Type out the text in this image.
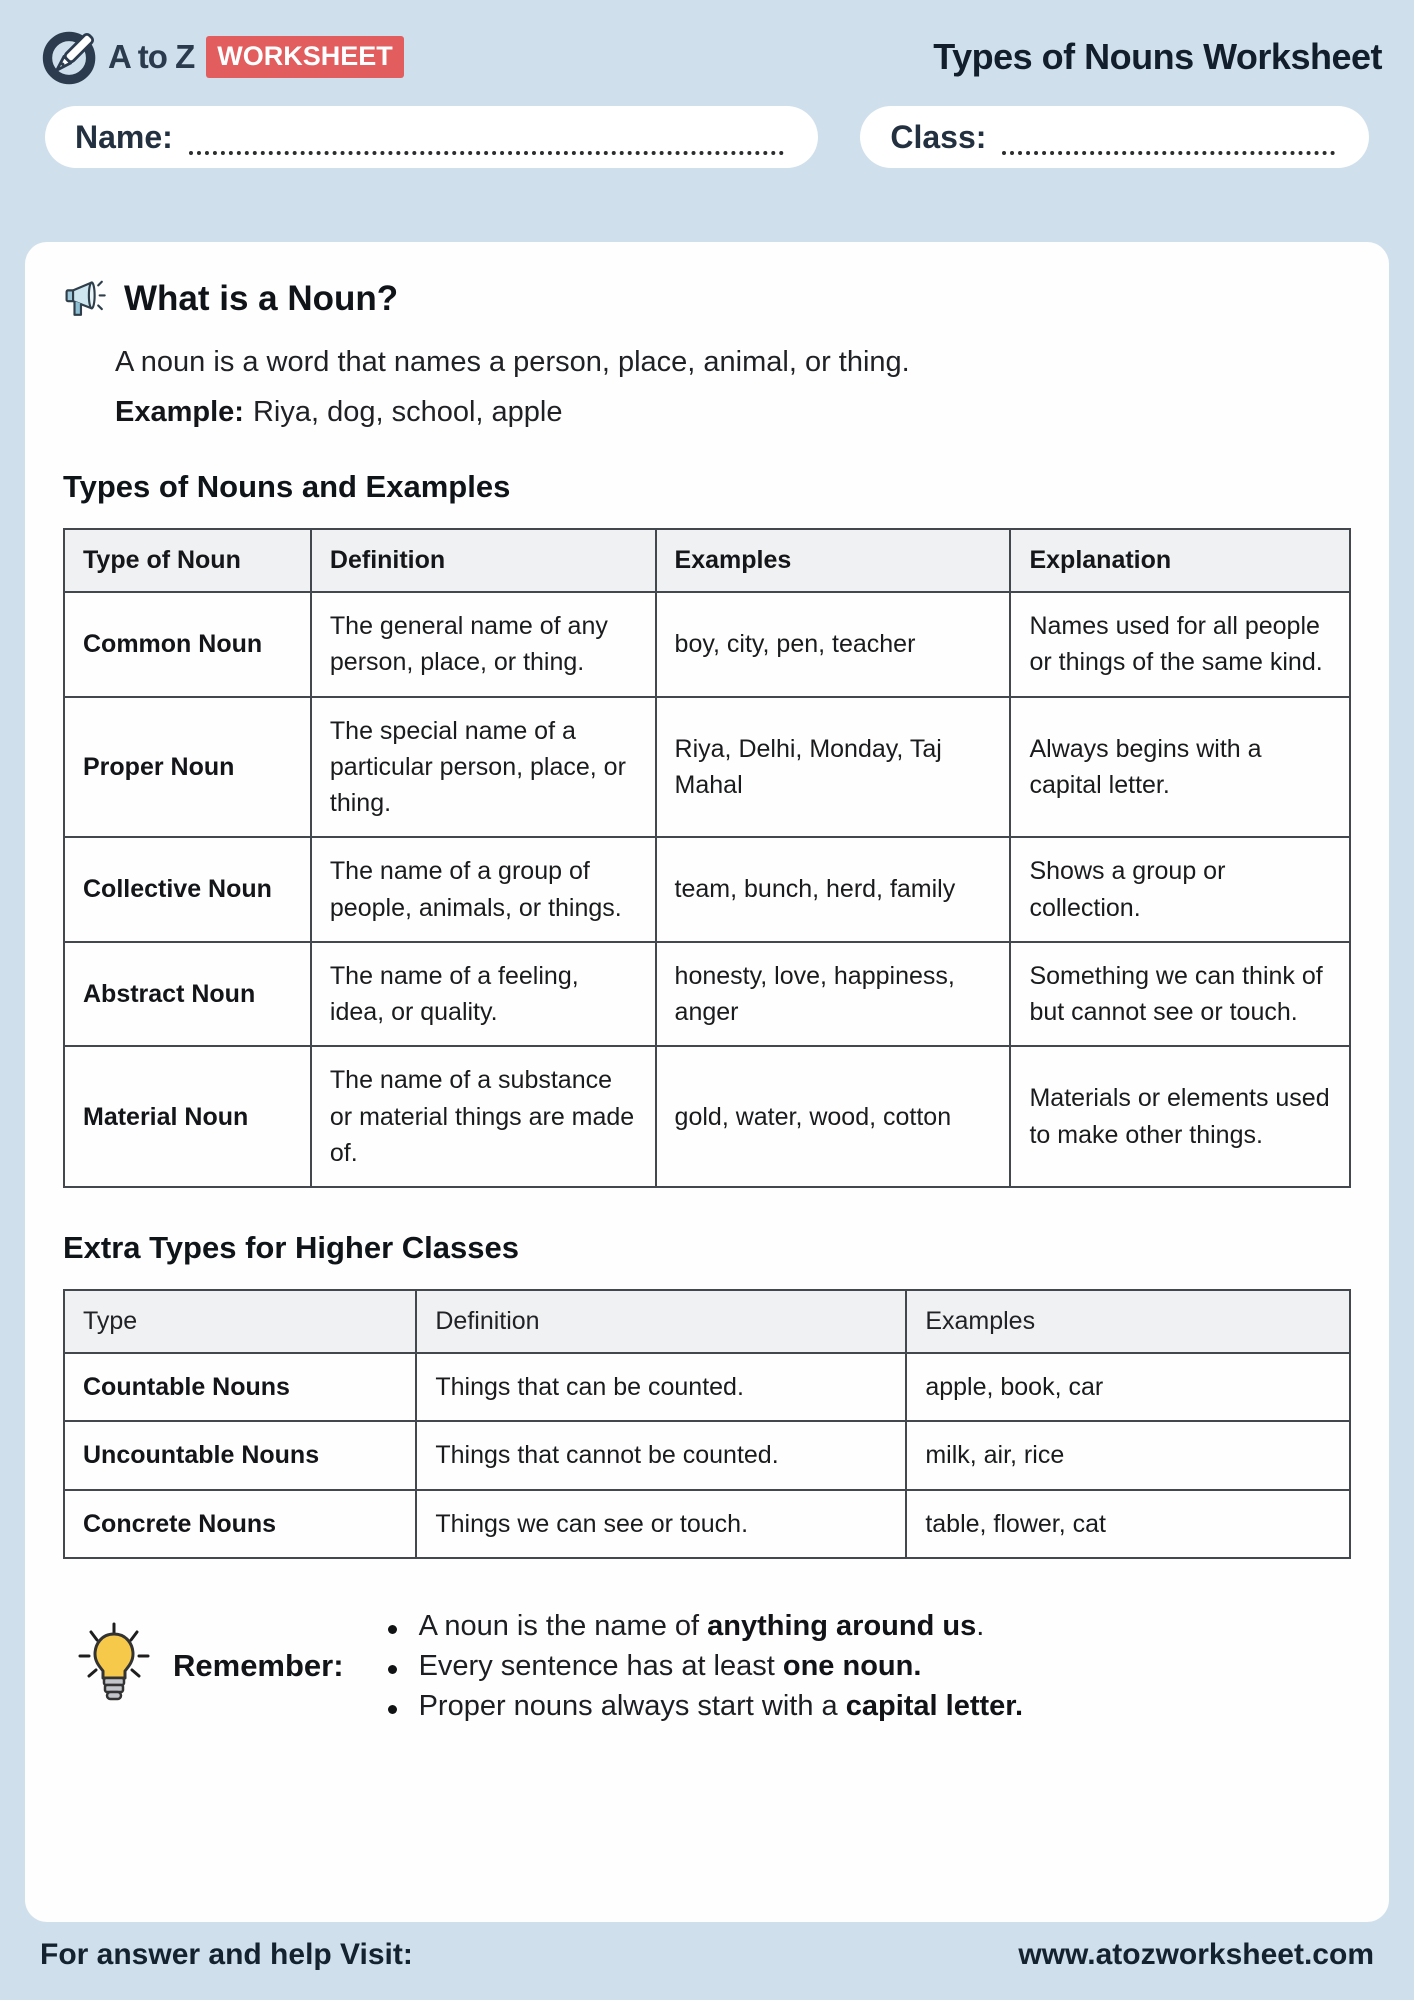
A to Z WORKSHEET	Types of Nouns Worksheet
Name:	Class:
What is a Noun?

A noun is a word that names a person, place, animal, or thing.

Example: Riya, dog, school, apple

Types of Nouns and Examples
Type of Noun	Definition	Examples	Explanation
Common Noun	The general name of any person, place, or thing.	boy, city, pen, teacher	Names used for all people or things of the same kind.
Proper Noun	The special name of a particular person, place, or thing.	Riya, Delhi, Monday, Taj Mahal	Always begins with a capital letter.
Collective Noun	The name of a group of people, animals, or things.	team, bunch, herd, family	Shows a group or collection.
Abstract Noun	The name of a feeling, idea, or quality.	honesty, love, happiness, anger	Something we can think of but cannot see or touch.
Material Noun	The name of a substance or material things are made of.	gold, water, wood, cotton	Materials or elements used to make other things.
Extra Types for Higher Classes
Type	Definition	Examples
Countable Nouns	Things that can be counted.	apple, book, car
Uncountable Nouns	Things that cannot be counted.	milk, air, rice
Concrete Nouns	Things we can see or touch.	table, flower, cat
Remember:
A noun is the name of anything around us.
Every sentence has at least one noun.
Proper nouns always start with a capital letter.
For answer and help Visit:	www.atozworksheet.com
